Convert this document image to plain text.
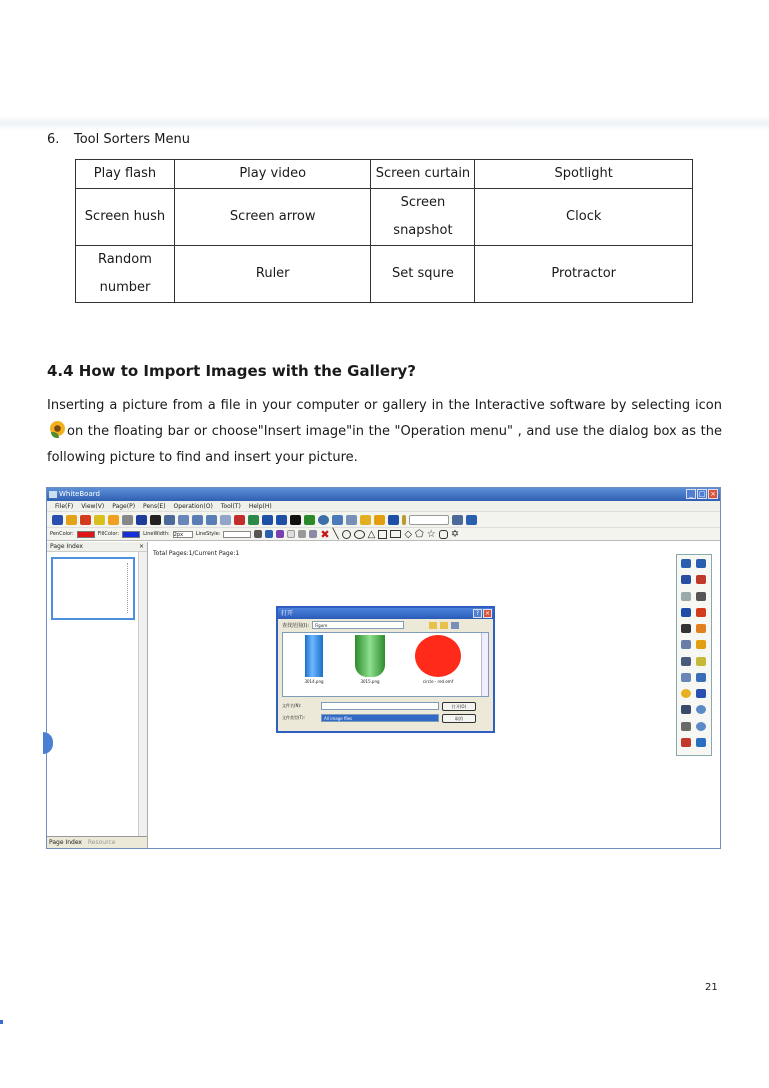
6. Tool Sorters Menu
Play flash	Play video	Screen curtain	Spotlight
Screen hush	Screen arrow	Screen snapshot	Clock
Random number	Ruler	Set squre	Protractor
4.4 How to Import Images with the Gallery?
Inserting a picture from a file in your computer or gallery in the Interactive software by selecting icon
on the floating bar or choose"Insert image"in the "Operation menu" , and use the dialog box as the following picture to find and insert your picture.
WhiteBoard	_ □ ×
File(F) View(V) Page(P) Pens(E) Operation(O) Tool(T) Help(H)
PenColor:	FillColor:	LineWidth: 2px	LineStyle:	✖ ╲	△	◇ ⬠ ☆ ✡
Page Index	×
Page Index Resource
Total Pages:1/Current Page:1
打开	? ×
查找范围(I):	Figure
3014.png	3015.png	circle - red.emf
文件名(N):	打开(O)
文件类型(T):	All image files	取消
21
